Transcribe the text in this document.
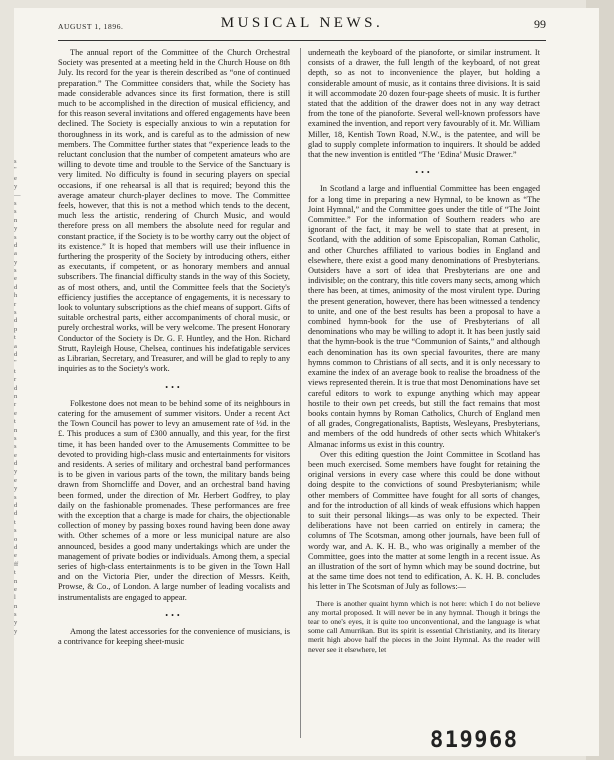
s
"
e
y
—
s
s
n
y
s
d
a
y
s
e
d
h
r
s
d
p
t
a
d
"
t
r
d
n
r
e
t
n
s
s
e
d
y
e
y
s
d
d
t
s
o
d
e
ff
t
n
e
l
n
s
y
y
AUGUST 1, 1896.	MUSICAL NEWS.	99

The annual report of the Committee of the Church Orchestral Society was presented at a meeting held in the Church House on 8th July. Its record for the year is therein described as “one of continued preparation.” The Committee considers that, while the Society has made considerable advances since its first formation, there is still much to be accomplished in the direction of musical efficiency, and for this reason several invitations and offered engagements have been declined. The Society is especially anxious to win a reputation for thoroughness in its work, and is careful as to the admission of new members. The Committee further states that “experience leads to the reluctant conclusion that the number of competent amateurs who are willing to devote time and trouble to the Service of the Sanctuary is very limited. No difficulty is found in securing players on special occasions, if one rehearsal is all that is required; beyond this the average amateur church-player declines to move. The Committee feels, however, that this is not a method which tends to the decent, much less the artistic, rendering of Church Music, and would therefore press on all members the absolute need for regular and constant practice, if the Society is to be worthy carry out the object of its existence.” It is hoped that members will use their influence in furthering the prosperity of the Society by introducing others, either as executants, if competent, or as honorary members and annual subscribers. The financial difficulty stands in the way of this Society, as of most others, and, until the Committee feels that the Society's efficiency justifies the acceptance of engagements, it is necessary to look to voluntary subscriptions as the chief means of support. Gifts of suitable orchestral parts, either accompaniments of choral music, or purely orchestral works, will be very welcome. The present Honorary Conductor of the Society is Dr. G. F. Huntley, and the Hon. Richard Strutt, Rayleigh House, Chelsea, continues his indefatigable services as Librarian, Secretary, and Treasurer, and will be glad to reply to any inquiries as to the Society's work.

•••

Folkestone does not mean to be behind some of its neighbours in catering for the amusement of summer visitors. Under a recent Act the Town Council has power to levy an amusement rate of ½d. in the £. This produces a sum of £300 annually, and this year, for the first time, it has been handed over to the Amusements Committee to be devoted to providing high-class music and entertainments for visitors and residents. A series of military and orchestral band performances is to be given in various parts of the town, the military bands being drawn from Shorncliffe and Dover, and an orchestral band having been formed, under the direction of Mr. Herbert Godfrey, to play daily on the fashionable promenades. These performances are free with the exception that a charge is made for chairs, the objectionable collection of money by passing boxes round having been done away with. Other schemes of a more or less municipal nature are also announced, besides a good many undertakings which are under the management of private bodies or individuals. Among them, a special series of high-class entertainments is to be given in the Town Hall and on the Victoria Pier, under the direction of Messrs. Keith, Prowse, & Co., of London. A large number of leading vocalists and instrumentalists are engaged to appear.

•••

Among the latest accessories for the convenience of musicians, is a contrivance for keeping sheet-music

underneath the keyboard of the pianoforte, or similar instrument. It consists of a drawer, the full length of the keyboard, of not great depth, so as not to inconvenience the player, but holding a considerable amount of music, as it contains three divisions. It is said it will accommodate 20 dozen four-page sheets of music. It is further stated that the addition of the drawer does not in any way detract from the tone of the pianoforte. Several well-known professors have examined the invention, and report very favourably of it. Mr. William Miller, 18, Kentish Town Road, N.W., is the patentee, and will be glad to supply complete information to inquirers. It should be added that the new invention is entitled “The ‘Edina’ Music Drawer.”

•••

In Scotland a large and influential Committee has been engaged for a long time in preparing a new Hymnal, to be known as “The Joint Hymnal,” and the Committee goes under the title of “The Joint Committee.” For the information of Southern readers who are ignorant of the fact, it may be well to state that at present, in Scotland, with the addition of some Episcopalian, Roman Catholic, and other Churches affiliated to various bodies in England and elsewhere, there exist a good many denominations of Presbyterians. Outsiders have a sort of idea that Presbyterians are one and indivisible; on the contrary, this title covers many sects, among which there has been, at times, animosity of the most virulent type. During the present generation, however, there has been witnessed a tendency to unite, and one of the best results has been a proposal to have a combined hymn-book for the use of Presbyterians of all denominations who may be willing to adopt it. It has been justly said that the hymn-book is the true “Communion of Saints,” and although each denomination has its own special favourites, there are many hymns common to Christians of all sects, and it is only necessary to examine the index of an average book to realise the broadness of the views represented therein. It is true that most Denominations have set careful editors to work to expunge anything which may appear hostile to their own pet creeds, but still the fact remains that most books contain hymns by Roman Catholics, Church of England men of all grades, Congregationalists, Baptists, Wesleyans, Presbyterians, and members of the odd hundreds of other sects which Whitaker's Almanac informs us exist in this country.

Over this editing question the Joint Committee in Scotland has been much exercised. Some members have fought for retaining the original versions in every case where this could be done without doing despite to the convictions of sound Presbyterianism; while other members of Committee have fought for all sorts of changes, and for the introduction of all kinds of weak effusions which happen to suit their personal likings—as was only to be expected. Their deliberations have not been carried on entirely in camera; the columns of The Scotsman, among other journals, have been full of wordy war, and A. K. H. B., who was originally a member of the Committee, goes into the matter at some length in a recent issue. As an illustration of the sort of hymn which may be sound doctrine, but at the same time does not tend to edification, A. K. H. B. concludes his letter in The Scotsman of July as follows:—

There is another quaint hymn which is not here: which I do not believe any mortal proposed. It will never be in any hymnal. Though it brings the tear to one's eyes, it is quite too unconventional, and the language is what some call Amurrikan. But its spirit is essential Christianity, and its literary merit high above half the pieces in the Joint Hymnal. As the reader will never see it elsewhere, let

819968
